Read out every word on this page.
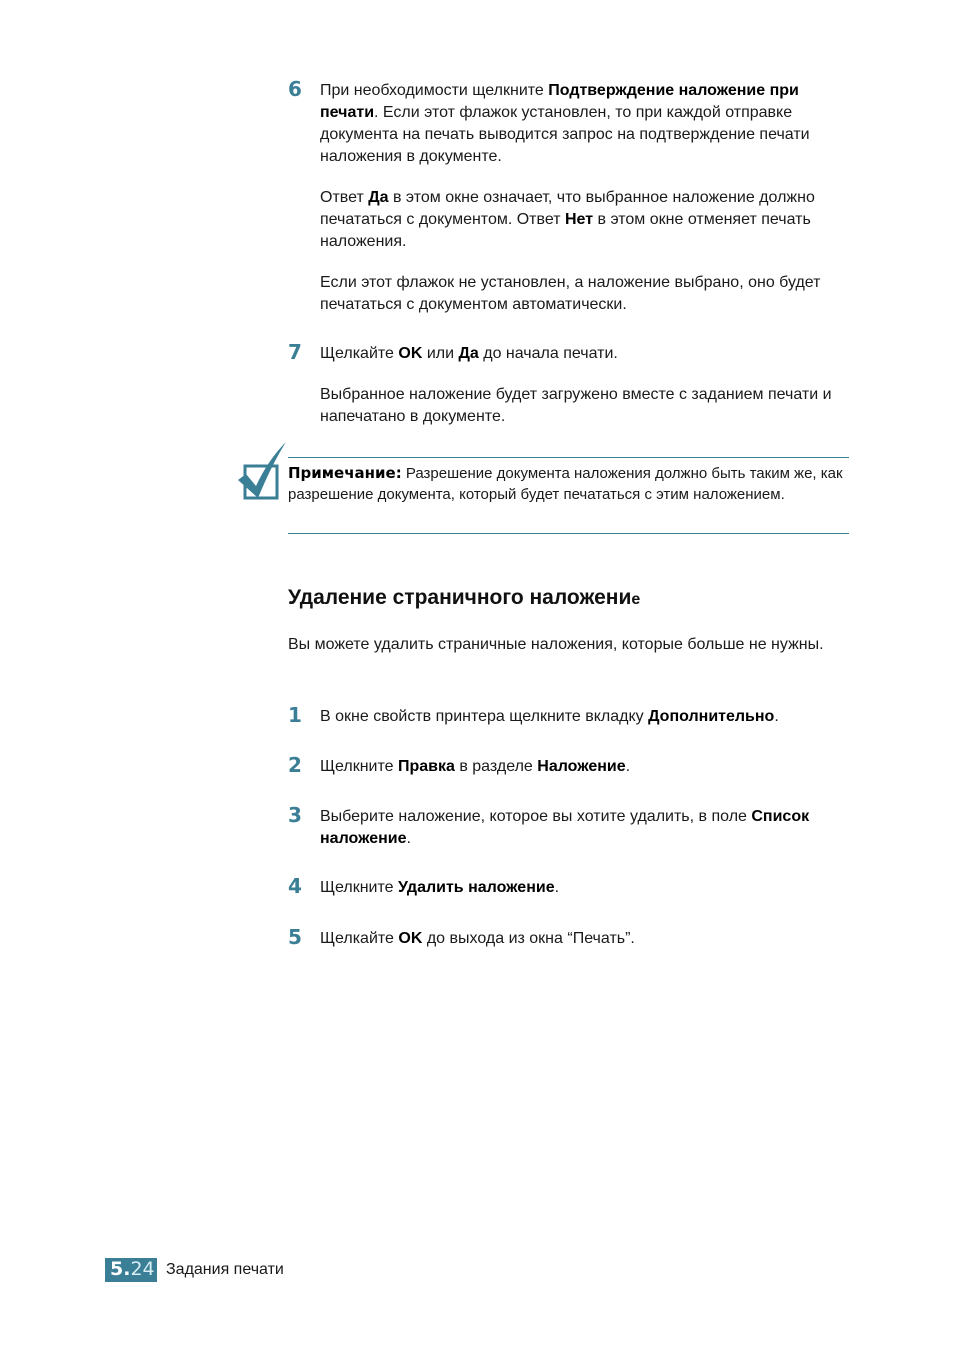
6	При необходимости щелкните Подтверждение наложение при печати. Если этот флажок установлен, то при каждой отправке документа на печать выводится запрос на подтверждение печати наложения в документе.

Ответ Да в этом окне означает, что выбранное наложение должно печататься с документом. Ответ Нет в этом окне отменяет печать наложения.

Если этот флажок не установлен, а наложение выбрано, оно будет печататься с документом автоматически.

7	Щелкайте OK или Да до начала печати.

Выбранное наложение будет загружено вместе с заданием печати и напечатано в документе.

Примечание: Разрешение документа наложения должно быть таким же, как разрешение документа, который будет печататься с этим наложением.
Удаление страничного наложение

Вы можете удалить страничные наложения, которые больше не нужны.

1	В окне свойств принтера щелкните вкладку Дополнительно.

2	Щелкните Правка в разделе Наложение.

3	Выберите наложение, которое вы хотите удалить, в поле Список наложение.

4	Щелкните Удалить наложение.

5	Щелкайте OK до выхода из окна “Печать”.

5.24 Задания печати
